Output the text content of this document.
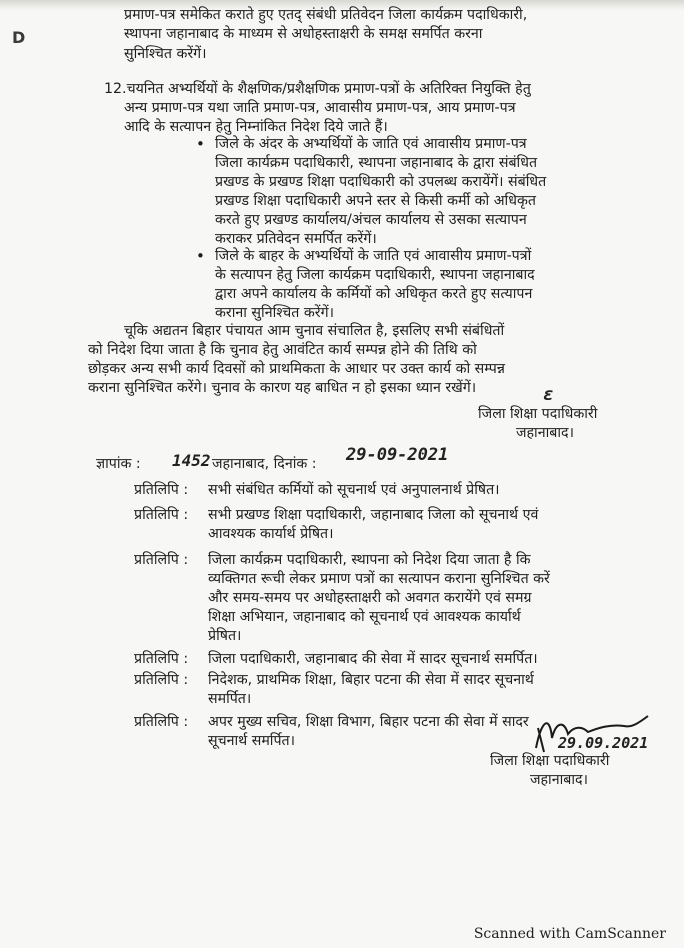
D
प्रमाण-पत्र समेकित कराते हुए एतद् संबंधी प्रतिवेदन जिला कार्यक्रम पदाधिकारी,
स्थापना जहानाबाद के माध्यम से अधोहस्ताक्षरी के समक्ष समर्पित करना
सुनिश्चित करेंगें।
12.चयनित अभ्यर्थियों के शैक्षणिक/प्रशैक्षणिक प्रमाण-पत्रों के अतिरिक्त नियुक्ति हेतु
अन्य प्रमाण-पत्र यथा जाति प्रमाण-पत्र, आवासीय प्रमाण-पत्र, आय प्रमाण-पत्र
आदि के सत्यापन हेतु निम्नांकित निदेश दिये जाते हैं।
• जिले के अंदर के अभ्यर्थियों के जाति एवं आवासीय प्रमाण-पत्र
जिला कार्यक्रम पदाधिकारी, स्थापना जहानाबाद के द्वारा संबंधित
प्रखण्ड के प्रखण्ड शिक्षा पदाधिकारी को उपलब्ध करायेंगें। संबंधित
प्रखण्ड शिक्षा पदाधिकारी अपने स्तर से किसी कर्मी को अधिकृत
करते हुए प्रखण्ड कार्यालय/अंचल कार्यालय से उसका सत्यापन
कराकर प्रतिवेदन समर्पित करेंगें।
• जिले के बाहर के अभ्यर्थियों के जाति एवं आवासीय प्रमाण-पत्रों
के सत्यापन हेतु जिला कार्यक्रम पदाधिकारी, स्थापना जहानाबाद
द्वारा अपने कार्यालय के कर्मियों को अधिकृत करते हुए सत्यापन
कराना सुनिश्चित करेंगें।
चूकि अद्यतन बिहार पंचायत आम चुनाव संचालित है, इसलिए सभी संबंधितों
को निदेश दिया जाता है कि चुनाव हेतु आवंटित कार्य सम्पन्न होने की तिथि को
छोड़कर अन्य सभी कार्य दिवसों को प्राथमिकता के आधार पर उक्त कार्य को सम्पन्न
कराना सुनिश्चित करेंगे। चुनाव के कारण यह बाधित न हो इसका ध्यान रखेंगें।	ε
जिला शिक्षा पदाधिकारी
जहानाबाद।
ज्ञापांक : 1452 जहानाबाद, दिनांक : 29-09-2021
प्रतिलिपि : सभी संबंधित कर्मियों को सूचनार्थ एवं अनुपालनार्थ प्रेषित।
प्रतिलिपि : सभी प्रखण्ड शिक्षा पदाधिकारी, जहानाबाद जिला को सूचनार्थ एवं
आवश्यक कार्यार्थ प्रेषित।
प्रतिलिपि : जिला कार्यक्रम पदाधिकारी, स्थापना को निदेश दिया जाता है कि
व्यक्तिगत रूची लेकर प्रमाण पत्रों का सत्यापन कराना सुनिश्चित करें
और समय-समय पर अधोहस्ताक्षरी को अवगत करायेंगे एवं समग्र
शिक्षा अभियान, जहानाबाद को सूचनार्थ एवं आवश्यक कार्यार्थ
प्रेषित।
प्रतिलिपि : जिला पदाधिकारी, जहानाबाद की सेवा में सादर सूचनार्थ समर्पित।
प्रतिलिपि : निदेशक, प्राथमिक शिक्षा, बिहार पटना की सेवा में सादर सूचनार्थ
समर्पित।
प्रतिलिपि : अपर मुख्य सचिव, शिक्षा विभाग, बिहार पटना की सेवा में सादर
सूचनार्थ समर्पित।	29.09.2021
जिला शिक्षा पदाधिकारी
जहानाबाद।
Scanned with CamScanner
